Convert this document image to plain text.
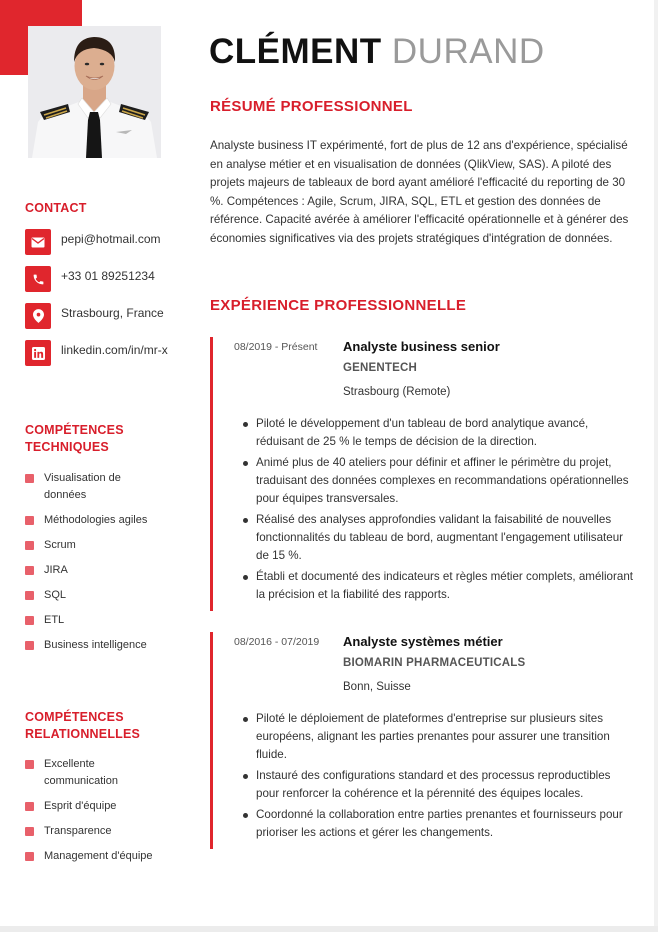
CLÉMENT DURAND
CONTACT
pepi@hotmail.com
+33 01 89251234
Strasbourg, France
linkedin.com/in/mr-x
COMPÉTENCES TECHNIQUES
Visualisation de données
Méthodologies agiles
Scrum
JIRA
SQL
ETL
Business intelligence
COMPÉTENCES RELATIONNELLES
Excellente communication
Esprit d'équipe
Transparence
Management d'équipe
RÉSUMÉ PROFESSIONNEL

Analyste business IT expérimenté, fort de plus de 12 ans d'expérience, spécialisé en analyse métier et en visualisation de données (QlikView, SAS). A piloté des projets majeurs de tableaux de bord ayant amélioré l'efficacité du reporting de 30 %. Compétences : Agile, Scrum, JIRA, SQL, ETL et gestion des données de référence. Capacité avérée à améliorer l'efficacité opérationnelle et à générer des économies significatives via des projets stratégiques d'intégration de données.

EXPÉRIENCE PROFESSIONNELLE
08/2019 - Présent Analyste business senior
GENENTECH
Strasbourg (Remote)
Piloté le développement d'un tableau de bord analytique avancé, réduisant de 25 % le temps de décision de la direction.
Animé plus de 40 ateliers pour définir et affiner le périmètre du projet, traduisant des données complexes en recommandations opérationnelles pour équipes transversales.
Réalisé des analyses approfondies validant la faisabilité de nouvelles fonctionnalités du tableau de bord, augmentant l'engagement utilisateur de 15 %.
Établi et documenté des indicateurs et règles métier complets, améliorant la précision et la fiabilité des rapports.
08/2016 - 07/2019 Analyste systèmes métier
BIOMARIN PHARMACEUTICALS
Bonn, Suisse
Piloté le déploiement de plateformes d'entreprise sur plusieurs sites européens, alignant les parties prenantes pour assurer une transition fluide.
Instauré des configurations standard et des processus reproductibles pour renforcer la cohérence et la pérennité des équipes locales.
Coordonné la collaboration entre parties prenantes et fournisseurs pour prioriser les actions et gérer les changements.
